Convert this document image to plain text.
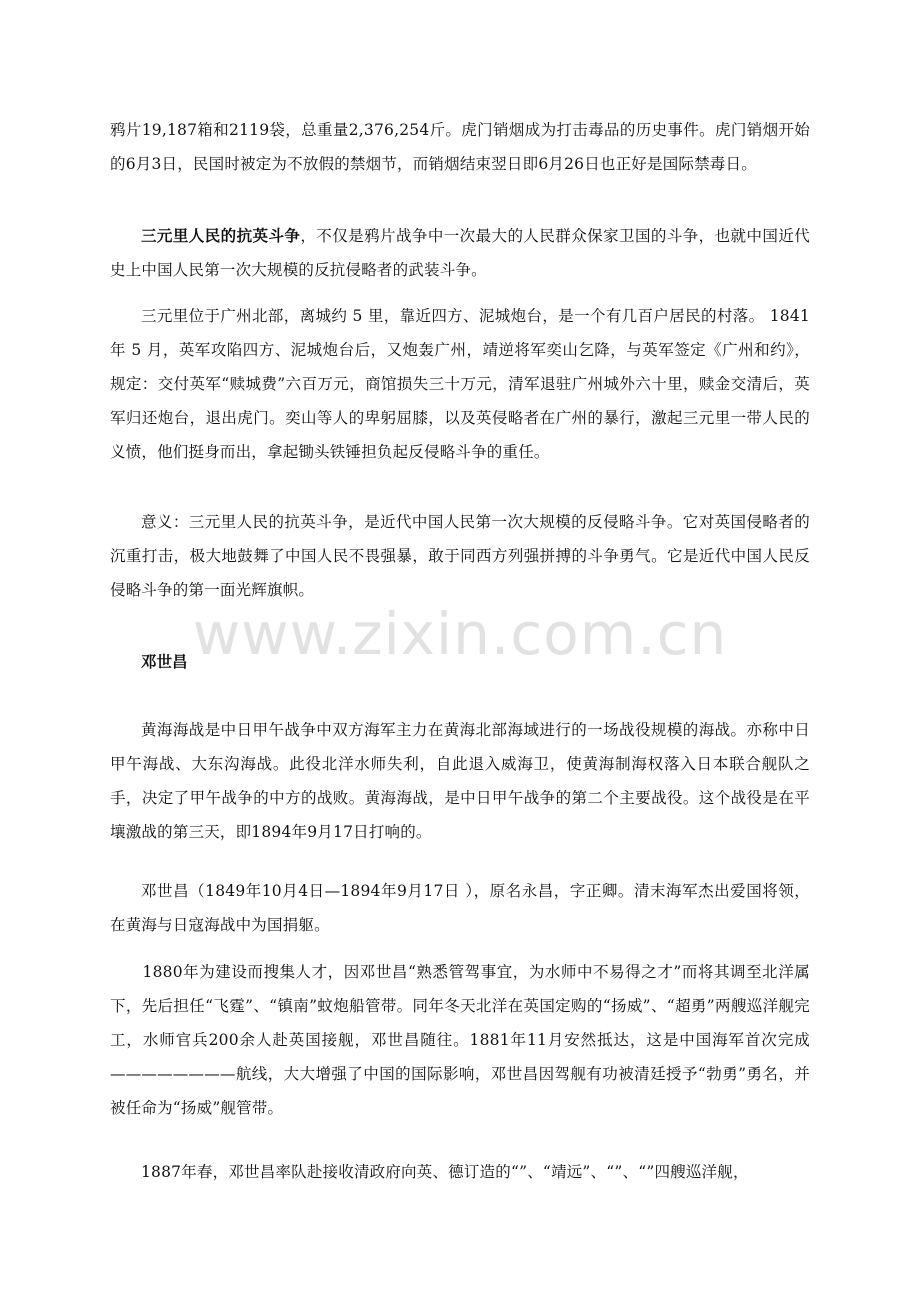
www.zixin.com.cn

鸦片19,187箱和2119袋，总重量2,376,254斤。虎门销烟成为打击毒品的历史事件。虎门销烟开始的6月3日，民国时被定为不放假的禁烟节，而销烟结束翌日即6月26日也正好是国际禁毒日。

三元里人民的抗英斗争，不仅是鸦片战争中一次最大的人民群众保家卫国的斗争，也就中国近代史上中国人民第一次大规模的反抗侵略者的武装斗争。

三元里位于广州北部，离城约 5 里，靠近四方、泥城炮台，是一个有几百户居民的村落。 1841 年 5 月，英军攻陷四方、泥城炮台后，又炮轰广州，靖逆将军奕山乞降，与英军签定《广州和约》，规定：交付英军“赎城费”六百万元，商馆损失三十万元，清军退驻广州城外六十里，赎金交清后，英军归还炮台，退出虎门。奕山等人的卑躬屈膝，以及英侵略者在广州的暴行，激起三元里一带人民的义愤，他们挺身而出，拿起锄头铁锤担负起反侵略斗争的重任。

意义：三元里人民的抗英斗争，是近代中国人民第一次大规模的反侵略斗争。它对英国侵略者的沉重打击，极大地鼓舞了中国人民不畏强暴，敢于同西方列强拼搏的斗争勇气。它是近代中国人民反侵略斗争的第一面光辉旗帜。

邓世昌

黄海海战是中日甲午战争中双方海军主力在黄海北部海域进行的一场战役规模的海战。亦称中日甲午海战、大东沟海战。此役北洋水师失利，自此退入威海卫，使黄海制海权落入日本联合舰队之手，决定了甲午战争的中方的战败。黄海海战，是中日甲午战争的第二个主要战役。这个战役是在平壤激战的第三天，即1894年9月17日打响的。

邓世昌（1849年10月4日—1894年9月17日 ），原名永昌，字正卿。清末海军杰出爱国将领，在黄海与日寇海战中为国捐躯。

1880年为建设而搜集人才，因邓世昌“熟悉管驾事宜，为水师中不易得之才”而将其调至北洋属下，先后担任“飞霆”、“镇南”蚊炮船管带。同年冬天北洋在英国定购的“扬威”、“超勇”两艘巡洋舰完工，水师官兵200余人赴英国接舰，邓世昌随往。1881年11月安然抵达，这是中国海军首次完成————————航线，大大增强了中国的国际影响，邓世昌因驾舰有功被清廷授予“勃勇”勇名，并被任命为“扬威”舰管带。

1887年春，邓世昌率队赴接收清政府向英、德订造的“”、“靖远”、“”、“”四艘巡洋舰，
